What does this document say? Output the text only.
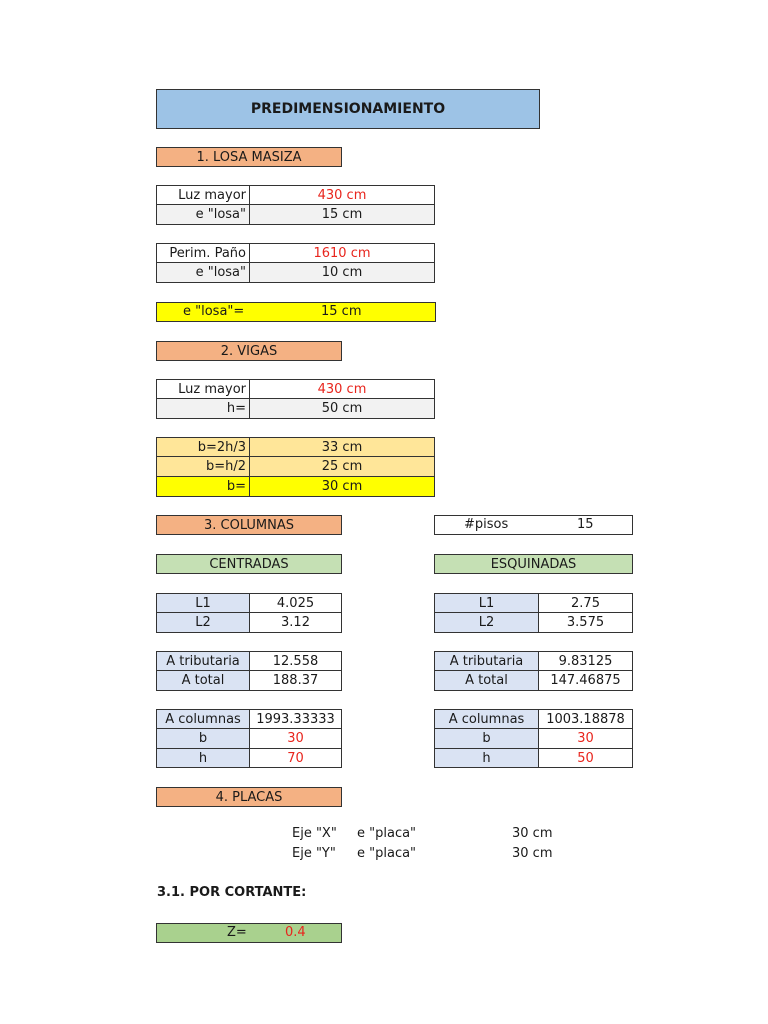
PREDIMENSIONAMIENTO
1. LOSA MASIZA
Luz mayor	430 cm
e "losa"	15 cm
Perim. Paño	1610 cm
e "losa"	10 cm
e "losa"=	15 cm
2. VIGAS
Luz mayor	430 cm
h=	50 cm
b=2h/3	33 cm
b=h/2	25 cm
b=	30 cm
3. COLUMNAS	#pisos	15
CENTRADAS	ESQUINADAS
L1	4.025
L2	3.12
L1	2.75
L2	3.575
A tributaria	12.558
A total	188.37
A tributaria	9.83125
A total	147.46875
A columnas	1993.33333
b	30
h	70
A columnas	1003.18878
b	30
h	50
4. PLACAS
Eje "X" e "placa"	30 cm
Eje "Y" e "placa"	30 cm
3.1. POR CORTANTE:
Z=	0.4
